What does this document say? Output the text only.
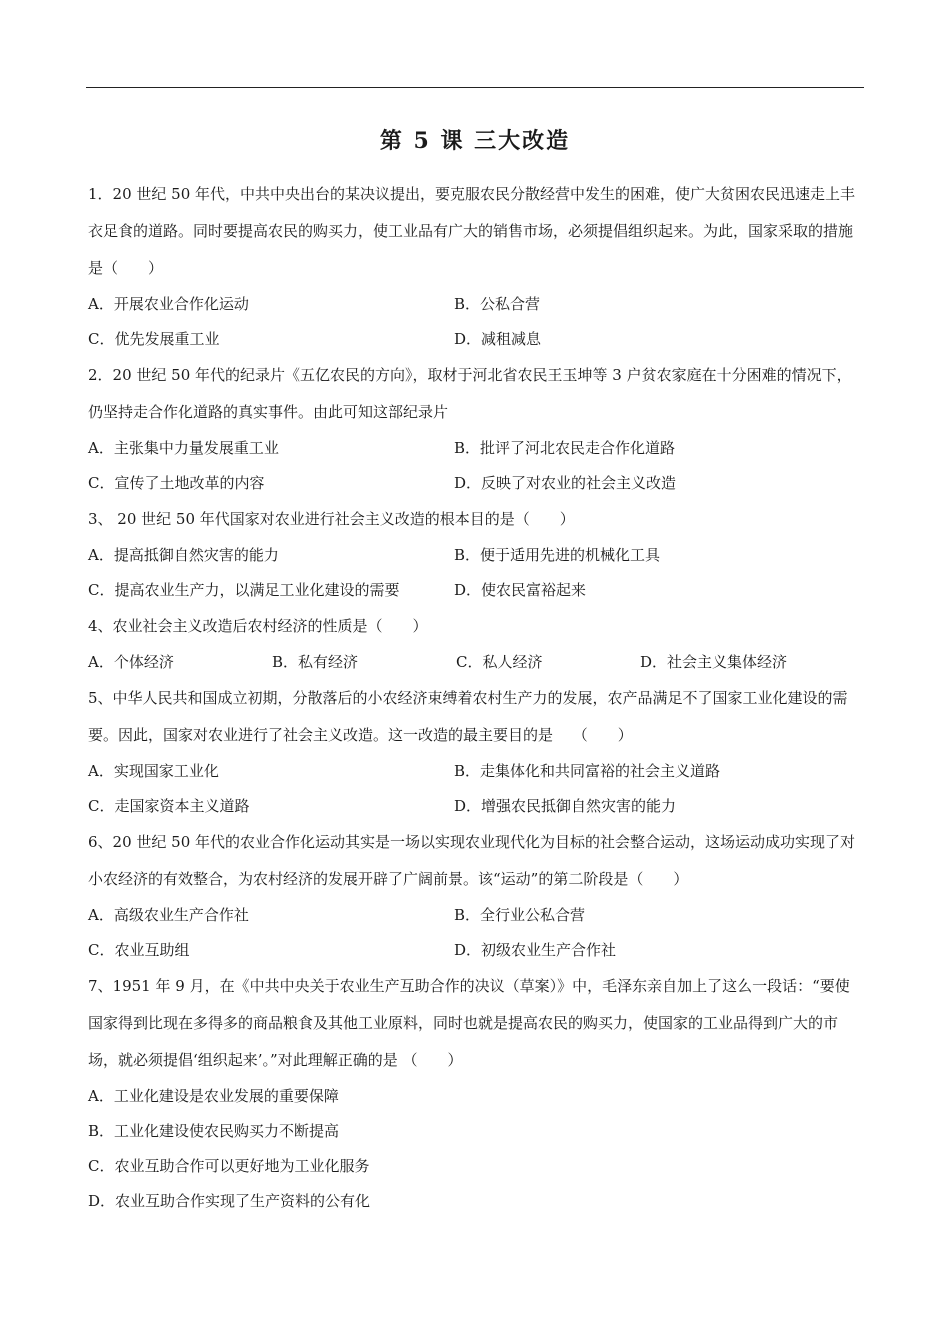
第 5 课 三大改造
1．20 世纪 50 年代，中共中央出台的某决议提出，要克服农民分散经营中发生的困难，使广大贫困农民迅速走上丰衣足食的道路。同时要提高农民的购买力，使工业品有广大的销售市场，必须提倡组织起来。为此，国家采取的措施是（　　）
A．开展农业合作化运动	B．公私合营
C．优先发展重工业	D．减租减息
2．20 世纪 50 年代的纪录片《五亿农民的方向》，取材于河北省农民王玉坤等 3 户贫农家庭在十分困难的情况下，仍坚持走合作化道路的真实事件。由此可知这部纪录片
A．主张集中力量发展重工业	B．批评了河北农民走合作化道路
C．宣传了土地改革的内容	D．反映了对农业的社会主义改造
3、 20 世纪 50 年代国家对农业进行社会主义改造的根本目的是（　　）
A．提高抵御自然灾害的能力	B．便于适用先进的机械化工具
C．提高农业生产力，以满足工业化建设的需要	D．使农民富裕起来
4、农业社会主义改造后农村经济的性质是（　　）
A．个体经济	B．私有经济	C．私人经济	D．社会主义集体经济
5、中华人民共和国成立初期，分散落后的小农经济束缚着农村生产力的发展，农产品满足不了国家工业化建设的需要。因此，国家对农业进行了社会主义改造。这一改造的最主要目的是　 （　　）
A．实现国家工业化	B．走集体化和共同富裕的社会主义道路
C．走国家资本主义道路	D．增强农民抵御自然灾害的能力
6、20 世纪 50 年代的农业合作化运动其实是一场以实现农业现代化为目标的社会整合运动，这场运动成功实现了对小农经济的有效整合，为农村经济的发展开辟了广阔前景。该“运动”的第二阶段是（　　）
A．高级农业生产合作社	B．全行业公私合营
C．农业互助组	D．初级农业生产合作社
7、1951 年 9 月，在《中共中央关于农业生产互助合作的决议（草案）》中，毛泽东亲自加上了这么一段话：“要使国家得到比现在多得多的商品粮食及其他工业原料，同时也就是提高农民的购买力，使国家的工业品得到广大的市场，就必须提倡‘组织起来’。”对此理解正确的是 （　　）
A．工业化建设是农业发展的重要保障
B．工业化建设使农民购买力不断提高
C．农业互助合作可以更好地为工业化服务
D．农业互助合作实现了生产资料的公有化
